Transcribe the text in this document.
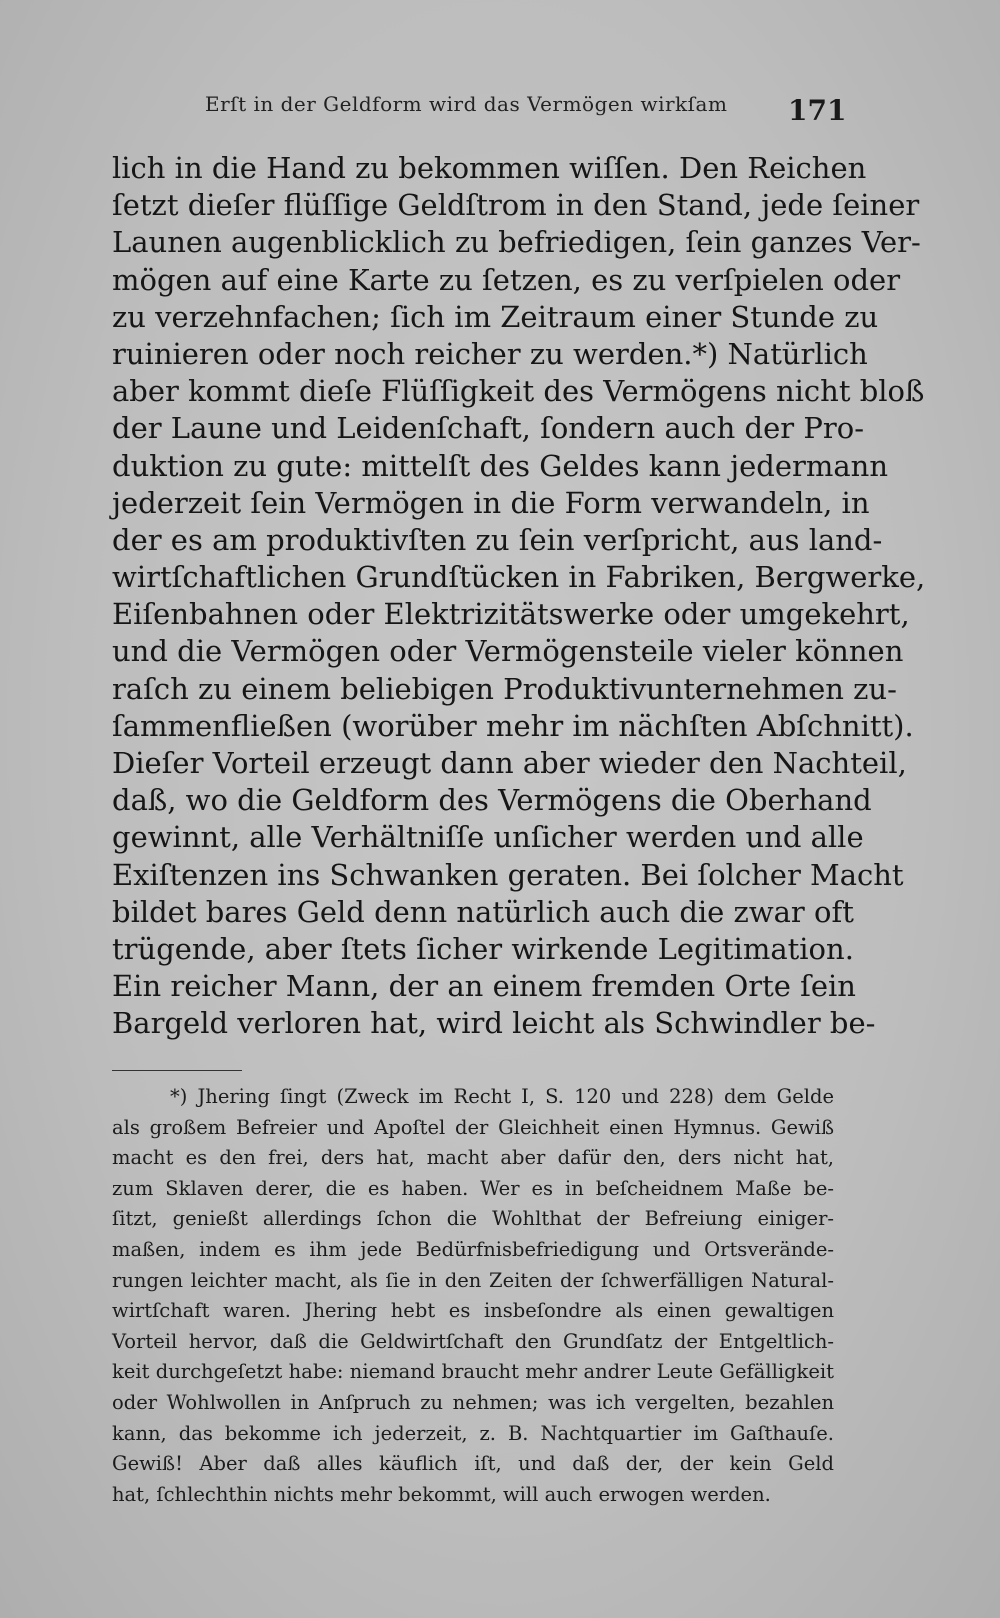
Erſt in der Geldform wird das Vermögen wirkſam	171
lich in die Hand zu bekommen wiſſen. Den Reichen
ſetzt dieſer flüſſige Geldſtrom in den Stand, jede ſeiner
Launen augenblicklich zu befriedigen, ſein ganzes Ver-
mögen auf eine Karte zu ſetzen, es zu verſpielen oder
zu verzehnfachen; ſich im Zeitraum einer Stunde zu
ruinieren oder noch reicher zu werden.*) Natürlich
aber kommt dieſe Flüſſigkeit des Vermögens nicht bloß
der Laune und Leidenſchaft, ſondern auch der Pro-
duktion zu gute: mittelſt des Geldes kann jedermann
jederzeit ſein Vermögen in die Form verwandeln, in
der es am produktivſten zu ſein verſpricht, aus land-
wirtſchaftlichen Grundſtücken in Fabriken, Bergwerke,
Eiſenbahnen oder Elektrizitätswerke oder umgekehrt,
und die Vermögen oder Vermögensteile vieler können
raſch zu einem beliebigen Produktivunternehmen zu-
ſammenfließen (worüber mehr im nächſten Abſchnitt).
Dieſer Vorteil erzeugt dann aber wieder den Nachteil,
daß, wo die Geldform des Vermögens die Oberhand
gewinnt, alle Verhältniſſe unſicher werden und alle
Exiſtenzen ins Schwanken geraten. Bei ſolcher Macht
bildet bares Geld denn natürlich auch die zwar oft
trügende, aber ſtets ſicher wirkende Legitimation.
Ein reicher Mann, der an einem fremden Orte ſein
Bargeld verloren hat, wird leicht als Schwindler be-
*) Jhering ſingt (Zweck im Recht I, S. 120 und 228) dem Gelde
als großem Befreier und Apoſtel der Gleichheit einen Hymnus. Gewiß
macht es den frei, ders hat, macht aber dafür den, ders nicht hat,
zum Sklaven derer, die es haben. Wer es in beſcheidnem Maße be-
ſitzt, genießt allerdings ſchon die Wohlthat der Befreiung einiger-
maßen, indem es ihm jede Bedürfnisbefriedigung und Ortsverände-
rungen leichter macht, als ſie in den Zeiten der ſchwerfälligen Natural-
wirtſchaft waren. Jhering hebt es insbeſondre als einen gewaltigen
Vorteil hervor, daß die Geldwirtſchaft den Grundſatz der Entgeltlich-
keit durchgeſetzt habe: niemand braucht mehr andrer Leute Gefälligkeit
oder Wohlwollen in Anſpruch zu nehmen; was ich vergelten, bezahlen
kann, das bekomme ich jederzeit, z. B. Nachtquartier im Gaſthauſe.
Gewiß! Aber daß alles käuflich iſt, und daß der, der kein Geld
hat, ſchlechthin nichts mehr bekommt, will auch erwogen werden.
